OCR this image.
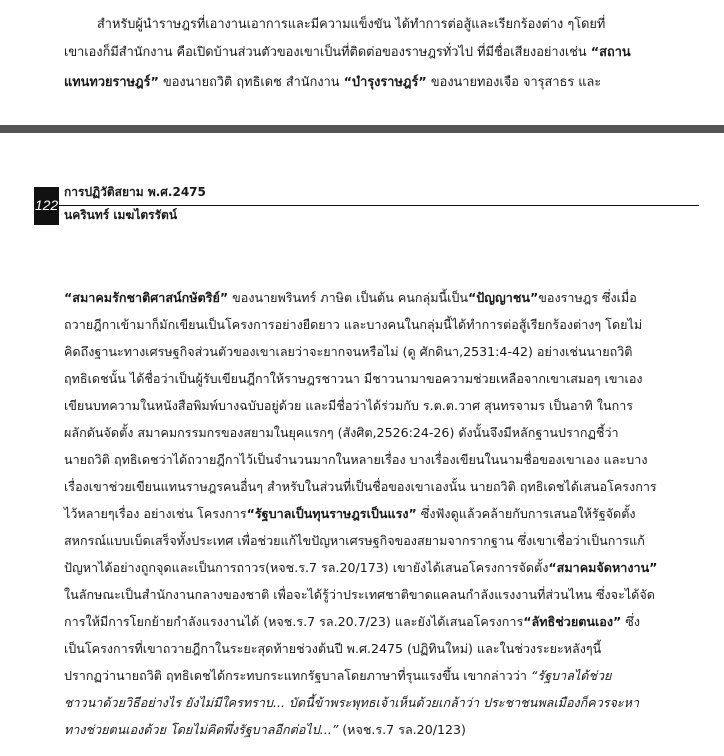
สำหรับผู้นำราษฎรที่เอางานเอาการและมีความแข็งขัน ได้ทำการต่อสู้และเรียกร้องต่าง ๆโดยที่
เขาเองก็มีสำนักงาน คือเปิดบ้านส่วนตัวของเขาเป็นที่ติดต่อของราษฎรทั่วไป ที่มีชื่อเสียงอย่างเช่น “สถาน
แทนทวยราษฎร์” ของนายถวิติ ฤทธิเดช สำนักงาน “บำรุงราษฎร์” ของนายทองเจือ จารุสาธร และ
122
การปฏิวัติสยาม พ.ศ.2475
นครินทร์ เมฆไตรรัตน์
“สมาคมรักชาติศาสน์กษัตริย์” ของนายพรินทร์ ภาษิต เป็นต้น คนกลุ่มนี้เป็น“ปัญญาชน”ของราษฎร ซึ่งเมื่อ
ถวายฎีกาเข้ามาก็มักเขียนเป็นโครงการอย่างยืดยาว และบางคนในกลุ่มนี้ได้ทำการต่อสู้เรียกร้องต่างๆ โดยไม่
คิดถึงฐานะทางเศรษฐกิจส่วนตัวของเขาเลยว่าจะยากจนหรือไม่ (ดู ศักดินา,2531:4-42) อย่างเช่นนายถวิติ
ฤทธิเดชนั้น ได้ชื่อว่าเป็นผู้รับเขียนฎีกาให้ราษฎรชาวนา มีชาวนามาขอความช่วยเหลือจากเขาเสมอๆ เขาเอง
เขียนบทความในหนังสือพิมพ์บางฉบับอยู่ด้วย และมีชื่อว่าได้ร่วมกับ ร.ต.ต.วาศ สุนทรจามร เป็นอาทิ ในการ
ผลักดันจัดตั้ง สมาคมกรรมกรของสยามในยุคแรกๆ (สังศิต,2526:24-26) ดังนั้นจึงมีหลักฐานปรากฏชี้ว่า
นายถวิติ ฤทธิเดชว่าได้ถวายฎีกาไว้เป็นจำนวนมากในหลายเรื่อง บางเรื่องเขียนในนามชื่อของเขาเอง และบาง
เรื่องเขาช่วยเขียนแทนราษฎรคนอื่นๆ สำหรับในส่วนที่เป็นชื่อของเขาเองนั้น นายถวิติ ฤทธิเดชได้เสนอโครงการ
ไว้หลายๆเรื่อง อย่างเช่น โครงการ“รัฐบาลเป็นทุนราษฎรเป็นแรง” ซึ่งฟังดูแล้วคล้ายกับการเสนอให้รัฐจัดตั้ง
สหกรณ์แบบเบ็ดเสร็จทั้งประเทศ เพื่อช่วยแก้ไขปัญหาเศรษฐกิจของสยามจากรากฐาน ซึ่งเขาเชื่อว่าเป็นการแก้
ปัญหาได้อย่างถูกจุดและเป็นการถาวร(หจช.ร.7 รล.20/173) เขายังได้เสนอโครงการจัดตั้ง“สมาคมจัดหางาน”
ในลักษณะเป็นสำนักงานกลางของชาติ เพื่อจะได้รู้ว่าประเทศชาติขาดแคลนกำลังแรงงานที่ส่วนไหน ซึ่งจะได้จัด
การให้มีการโยกย้ายกำลังแรงงานได้ (หจช.ร.7 รล.20.7/23) และยังได้เสนอโครงการ“ลัทธิช่วยตนเอง” ซึ่ง
เป็นโครงการที่เขาถวายฎีกาในระยะสุดท้ายช่วงต้นปี พ.ศ.2475 (ปฏิทินใหม่) และในช่วงระยะหลังๆนี้
ปรากฏว่านายถวิติ ฤทธิเดชได้กระทบกระแทกรัฐบาลโดยภาษาที่รุนแรงขึ้น เขากล่าวว่า “รัฐบาลได้ช่วย
ชาวนาด้วยวิธีอย่างไร ยังไม่มีใครทราบ... บัดนี้ข้าพระพุทธเจ้าเห็นด้วยเกล้าว่า ประชาชนพลเมืองก็ควรจะหา
ทางช่วยตนเองด้วย โดยไม่คิดพึ่งรัฐบาลอีกต่อไป...” (หจช.ร.7 รล.20/123)
